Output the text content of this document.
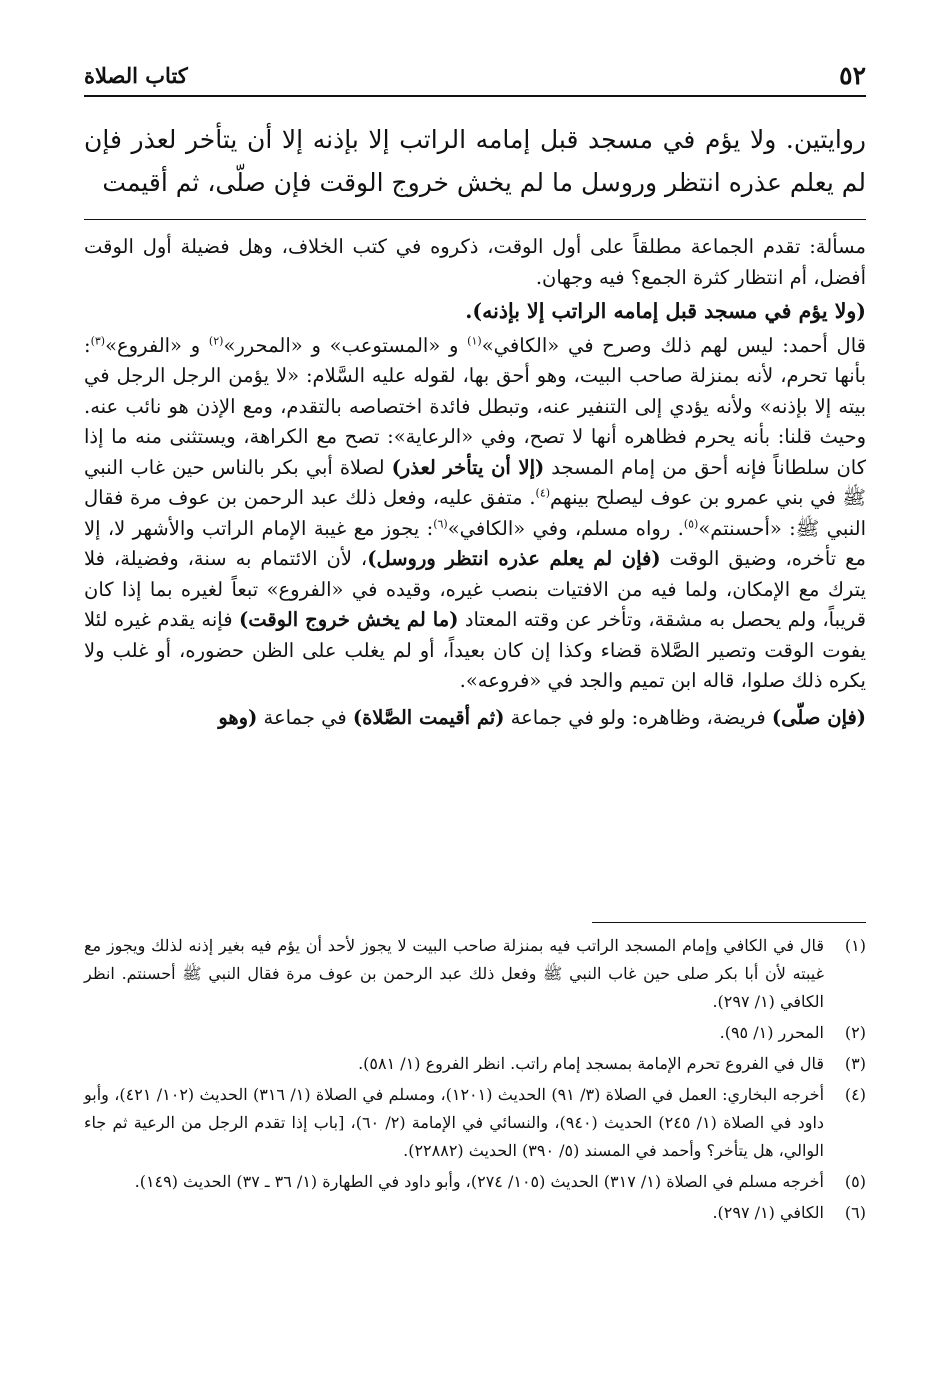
٥٢
كتاب الصلاة
روايتين. ولا يؤم في مسجد قبل إمامه الراتب إلا بإذنه إلا أن يتأخر لعذر فإن لم يعلم عذره انتظر وروسل ما لم يخش خروج الوقت فإن صلّى، ثم أقيمت

مسألة: تقدم الجماعة مطلقاً على أول الوقت، ذكروه في كتب الخلاف، وهل فضيلة أول الوقت أفضل، أم انتظار كثرة الجمع؟ فيه وجهان.

(ولا يؤم في مسجد قبل إمامه الراتب إلا بإذنه).

قال أحمد: ليس لهم ذلك وصرح في «الكافي»$^{(١)}$ و «المستوعب» و «المحرر»$^{(٢)}$ و «الفروع»$^{(٣)}$: بأنها تحرم، لأنه بمنزلة صاحب البيت، وهو أحق بها، لقوله عليه السَّلام: «لا يؤمن الرجل الرجل في بيته إلا بإذنه» ولأنه يؤدي إلى التنفير عنه، وتبطل فائدة اختصاصه بالتقدم، ومع الإذن هو نائب عنه. وحيث قلنا: بأنه يحرم فظاهره أنها لا تصح، وفي «الرعاية»: تصح مع الكراهة، ويستثنى منه ما إذا كان سلطاناً فإنه أحق من إمام المسجد (إلا أن يتأخر لعذر) لصلاة أبي بكر بالناس حين غاب النبي ﷺ في بني عمرو بن عوف ليصلح بينهم$^{(٤)}$. متفق عليه، وفعل ذلك عبد الرحمن بن عوف مرة فقال النبي ﷺ: «أحسنتم»$^{(٥)}$. رواه مسلم، وفي «الكافي»$^{(٦)}$: يجوز مع غيبة الإمام الراتب والأشهر لا، إلا مع تأخره، وضيق الوقت (فإن لم يعلم عذره انتظر وروسل)، لأن الائتمام به سنة، وفضيلة، فلا يترك مع الإمكان، ولما فيه من الافتيات بنصب غيره، وقيده في «الفروع» تبعاً لغيره بما إذا كان قريباً، ولم يحصل به مشقة، وتأخر عن وقته المعتاد (ما لم يخش خروج الوقت) فإنه يقدم غيره لئلا يفوت الوقت وتصير الصَّلاة قضاء وكذا إن كان بعيداً، أو لم يغلب على الظن حضوره، أو غلب ولا يكره ذلك صلوا، قاله ابن تميم والجد في «فروعه».

(فإن صلّى) فريضة، وظاهره: ولو في جماعة (ثم أقيمت الصَّلاة) في جماعة (وهو

(١)
قال في الكافي وإمام المسجد الراتب فيه بمنزلة صاحب البيت لا يجوز لأحد أن يؤم فيه بغير إذنه لذلك ويجوز مع غيبته لأن أبا بكر صلى حين غاب النبي ﷺ وفعل ذلك عبد الرحمن بن عوف مرة فقال النبي ﷺ أحسنتم. انظر الكافي (١/ ٢٩٧).
(٢)
المحرر (١/ ٩٥).
(٣)
قال في الفروع تحرم الإمامة بمسجد إمام راتب. انظر الفروع (١/ ٥٨١).
(٤)
أخرجه البخاري: العمل في الصلاة (٣/ ٩١) الحديث (١٢٠١)، ومسلم في الصلاة (١/ ٣١٦) الحديث (١٠٢/ ٤٢١)، وأبو داود في الصلاة (١/ ٢٤٥) الحديث (٩٤٠)، والنسائي في الإمامة (٢/ ٦٠)، [باب إذا تقدم الرجل من الرعية ثم جاء الوالي، هل يتأخر؟ وأحمد في المسند (٥/ ٣٩٠) الحديث (٢٢٨٨٢).
(٥)
أخرجه مسلم في الصلاة (١/ ٣١٧) الحديث (١٠٥/ ٢٧٤)، وأبو داود في الطهارة (١/ ٣٦ ـ ٣٧) الحديث (١٤٩).
(٦)
الكافي (١/ ٢٩٧).
